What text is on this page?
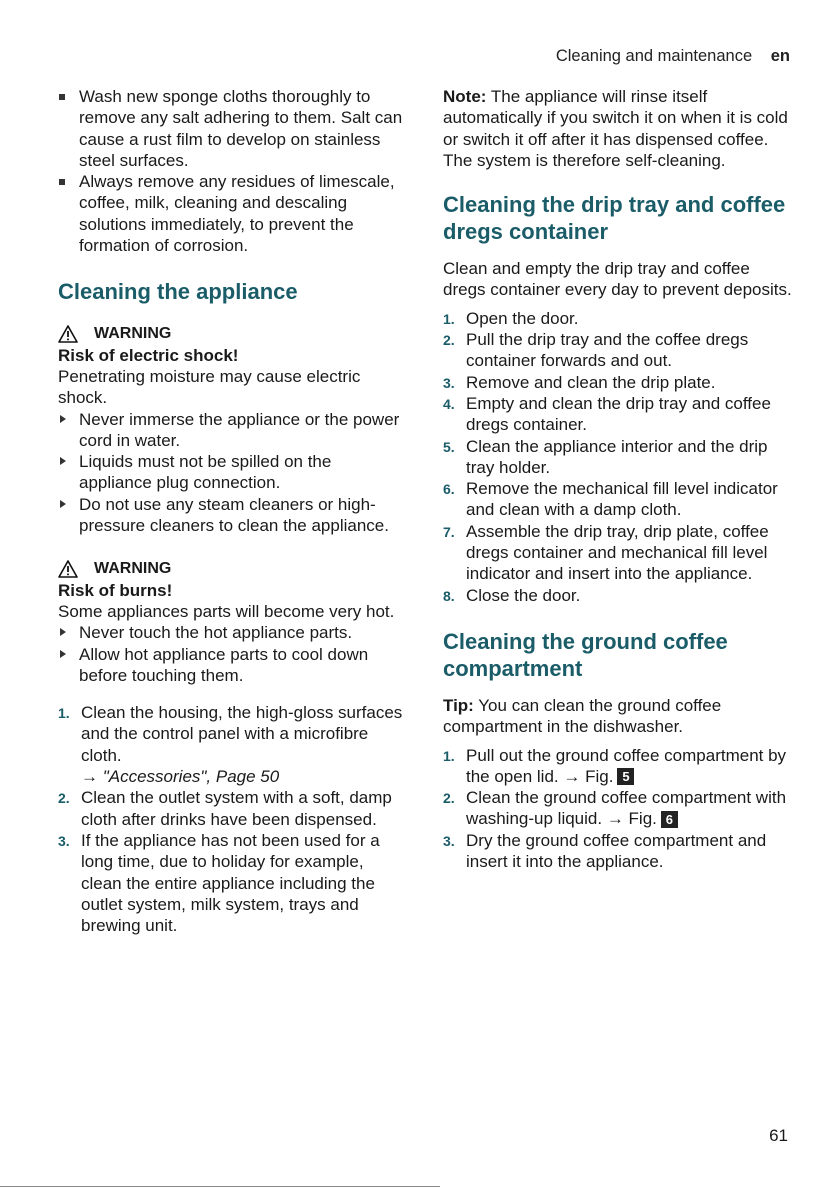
Cleaning and maintenance en
Wash new sponge cloths thoroughly to remove any salt adhering to them. Salt can cause a rust film to develop on stainless steel surfaces.
Always remove any residues of limescale, coffee, milk, cleaning and descaling solutions immediately, to prevent the formation of corrosion.
Cleaning the appliance
WARNING
Risk of electric shock!
Penetrating moisture may cause electric shock.
Never immerse the appliance or the power cord in water.
Liquids must not be spilled on the appliance plug connection.
Do not use any steam cleaners or high-pressure cleaners to clean the appliance.
WARNING
Risk of burns!
Some appliances parts will become very hot.
Never touch the hot appliance parts.
Allow hot appliance parts to cool down before touching them.
1. Clean the housing, the high-gloss surfaces and the control panel with a microfibre cloth.
→ "Accessories", Page 50
2. Clean the outlet system with a soft, damp cloth after drinks have been dispensed.
3. If the appliance has not been used for a long time, due to holiday for example, clean the entire appliance including the outlet system, milk system, trays and brewing unit.
Note: The appliance will rinse itself automatically if you switch it on when it is cold or switch it off after it has dispensed coffee. The system is therefore self-cleaning.
Cleaning the drip tray and coffee dregs container
Clean and empty the drip tray and coffee dregs container every day to prevent deposits.
1. Open the door.
2. Pull the drip tray and the coffee dregs container forwards and out.
3. Remove and clean the drip plate.
4. Empty and clean the drip tray and coffee dregs container.
5. Clean the appliance interior and the drip tray holder.
6. Remove the mechanical fill level indicator and clean with a damp cloth.
7. Assemble the drip tray, drip plate, coffee dregs container and mechanical fill level indicator and insert into the appliance.
8. Close the door.
Cleaning the ground coffee compartment
Tip: You can clean the ground coffee compartment in the dishwasher.
1. Pull out the ground coffee compartment by the open lid. → Fig. 5
2. Clean the ground coffee compartment with washing-up liquid. → Fig. 6
3. Dry the ground coffee compartment and insert it into the appliance.
61
